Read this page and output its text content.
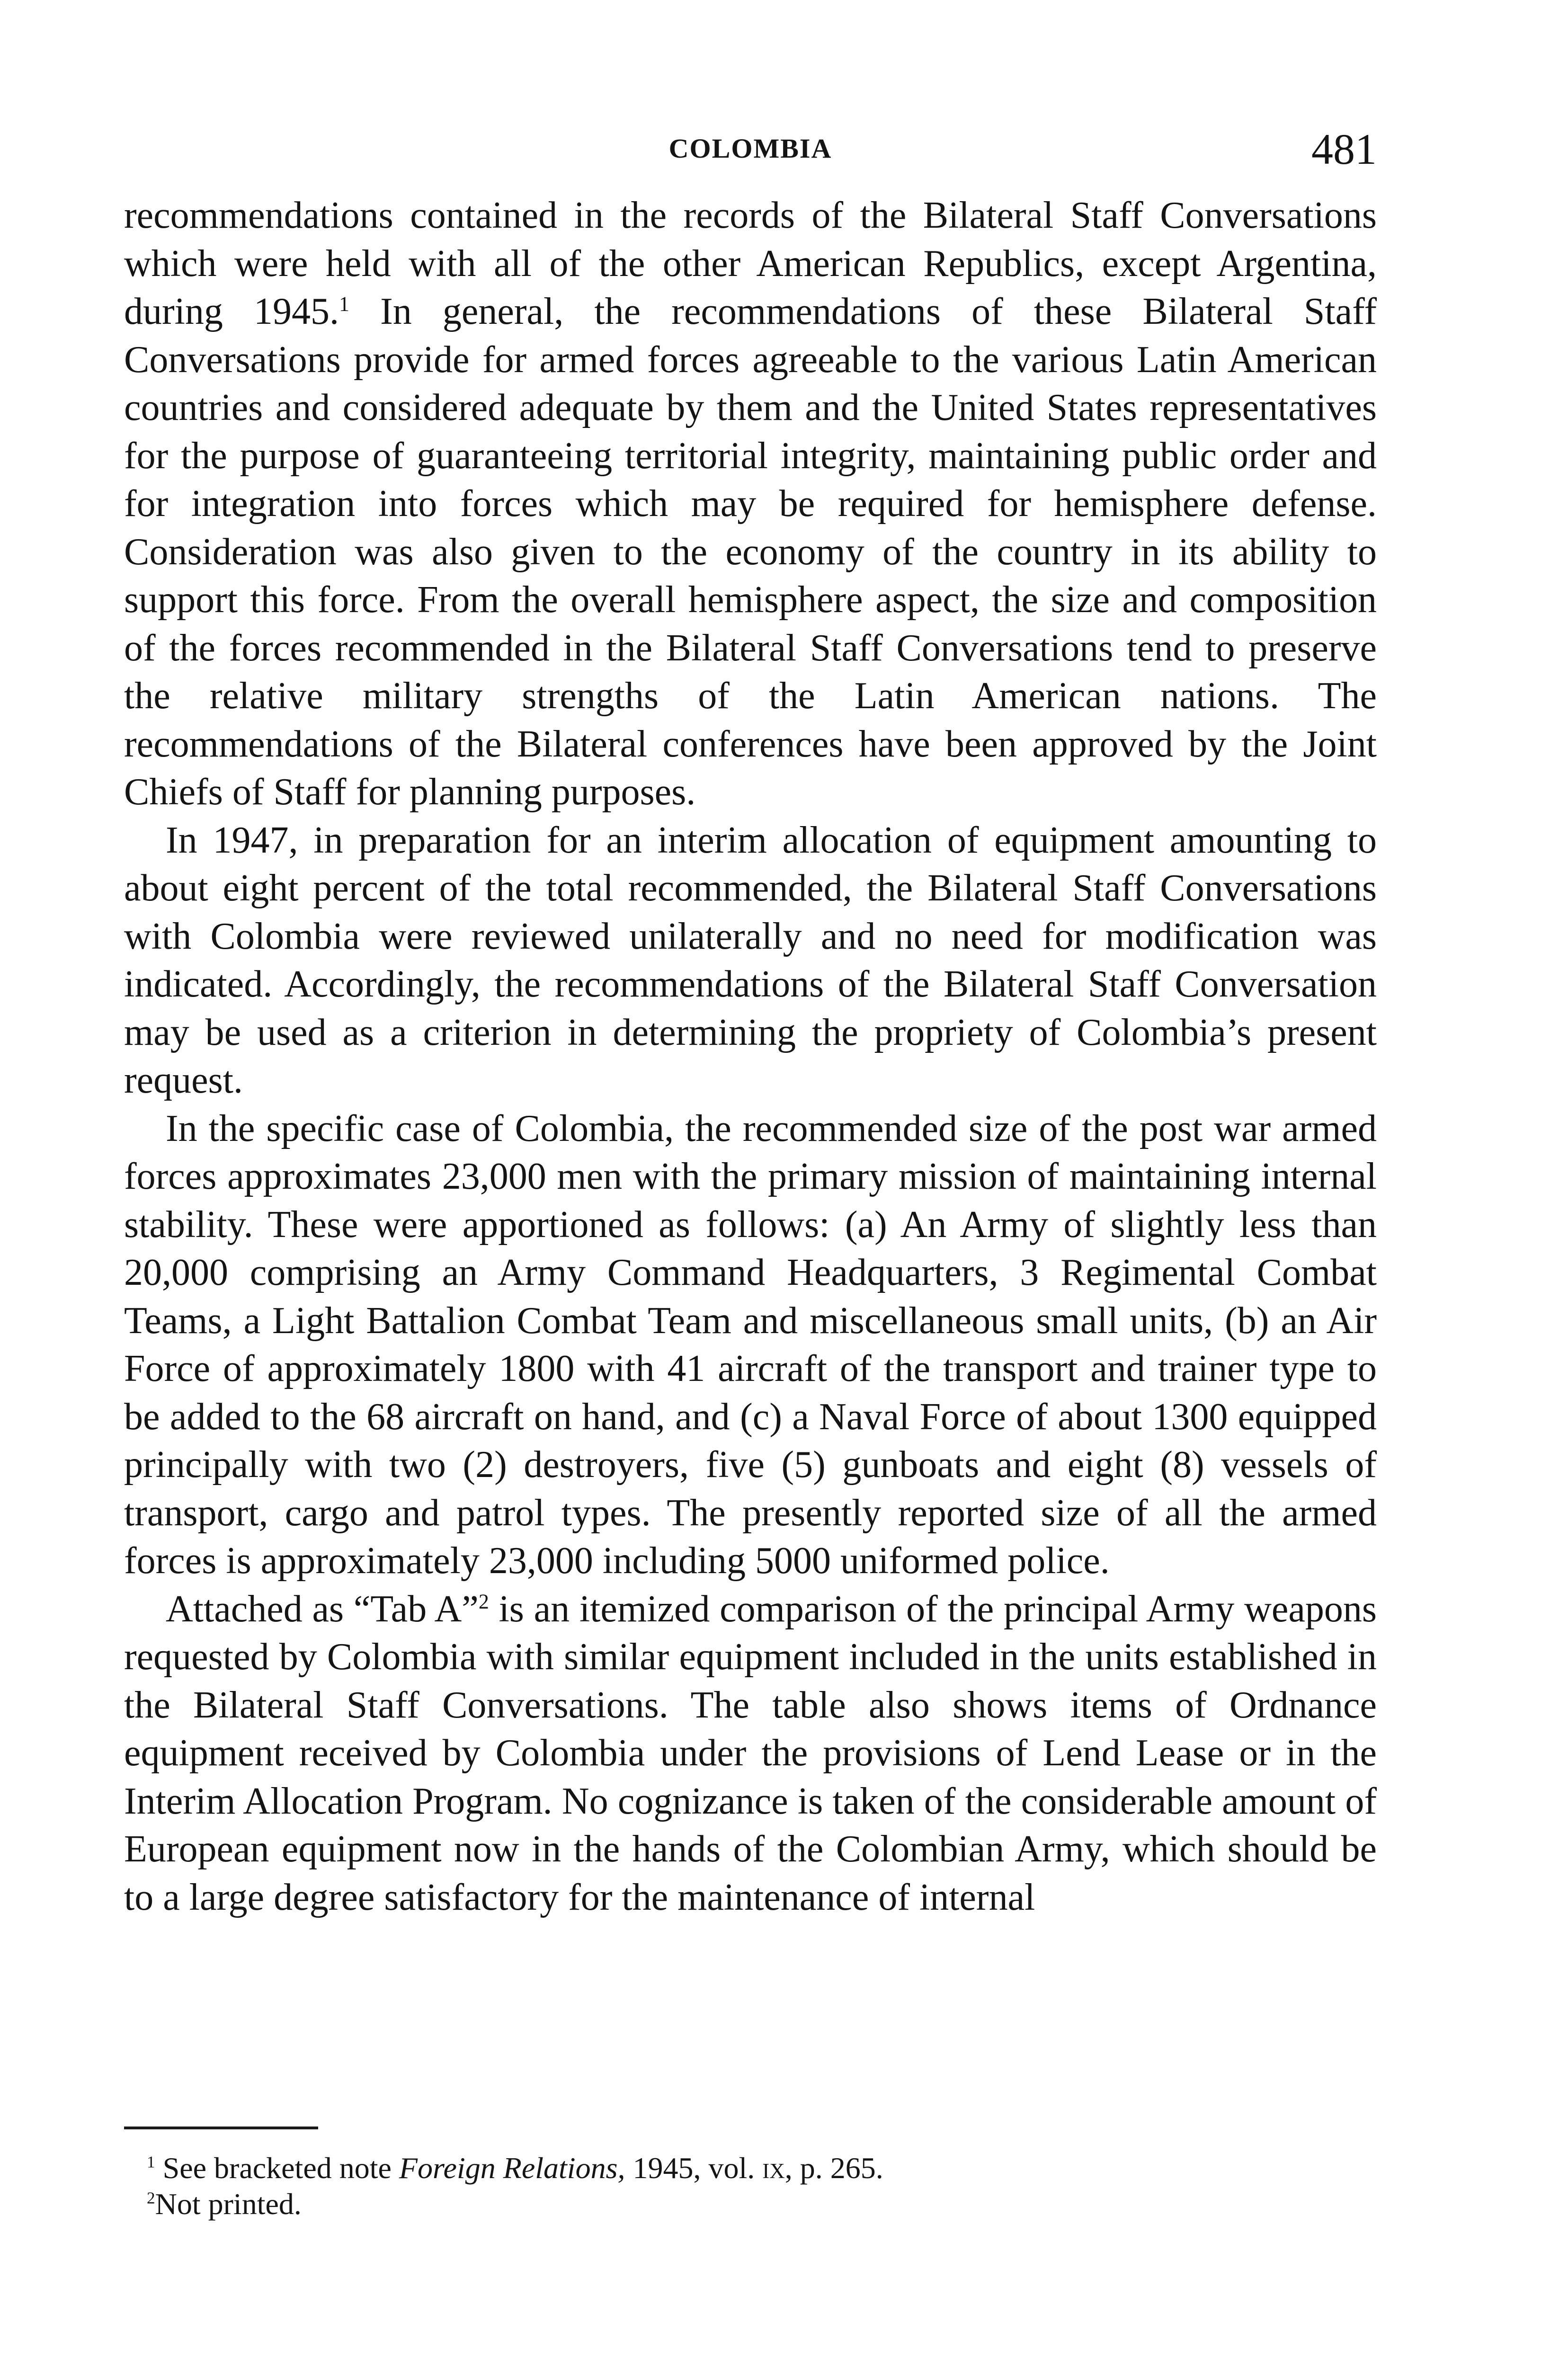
COLOMBIA	481

recommendations contained in the records of the Bilateral Staff Conversations which were held with all of the other American Republics, except Argentina, during 1945.$^1$ In general, the recommendations of these Bilateral Staff Conversations provide for armed forces agreeable to the various Latin American countries and considered adequate by them and the United States representatives for the purpose of guaranteeing territorial integrity, maintaining public order and for integration into forces which may be required for hemisphere defense. Consideration was also given to the economy of the country in its ability to support this force. From the overall hemisphere aspect, the size and composition of the forces recommended in the Bilateral Staff Conversations tend to preserve the relative military strengths of the Latin American nations. The recommendations of the Bilateral conferences have been approved by the Joint Chiefs of Staff for planning purposes.

In 1947, in preparation for an interim allocation of equipment amounting to about eight percent of the total recommended, the Bilateral Staff Conversations with Colombia were reviewed unilaterally and no need for modification was indicated. Accordingly, the recommendations of the Bilateral Staff Conversation may be used as a criterion in determining the propriety of Colombia’s present request.

In the specific case of Colombia, the recommended size of the post war armed forces approximates 23,000 men with the primary mission of maintaining internal stability. These were apportioned as follows: (a) An Army of slightly less than 20,000 comprising an Army Command Headquarters, 3 Regimental Combat Teams, a Light Battalion Combat Team and miscellaneous small units, (b) an Air Force of approximately 1800 with 41 aircraft of the transport and trainer type to be added to the 68 aircraft on hand, and (c) a Naval Force of about 1300 equipped principally with two (2) destroyers, five (5) gunboats and eight (8) vessels of transport, cargo and patrol types. The presently reported size of all the armed forces is approximately 23,000 including 5000 uniformed police.

Attached as “Tab A”$^2$ is an itemized comparison of the principal Army weapons requested by Colombia with similar equipment included in the units established in the Bilateral Staff Conversations. The table also shows items of Ordnance equipment received by Colombia under the provisions of Lend Lease or in the Interim Allocation Program. No cognizance is taken of the considerable amount of European equipment now in the hands of the Colombian Army, which should be to a large degree satisfactory for the maintenance of internal

$^1$ See bracketed note Foreign Relations, 1945, vol. ix, p. 265.

$^2$Not printed.
